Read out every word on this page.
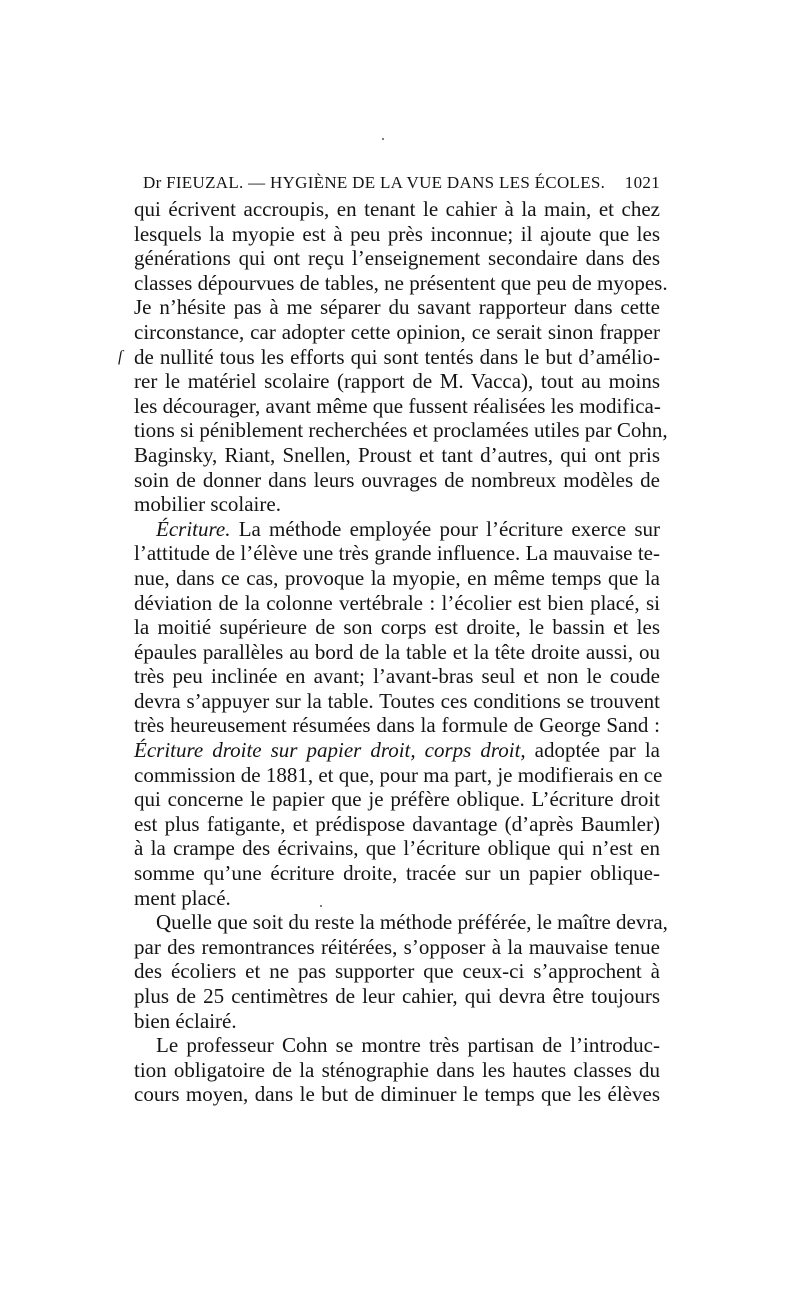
Dr FIEUZAL. — HYGIÈNE DE LA VUE DANS LES ÉCOLES. 1021
ſ
qui écrivent accroupis, en tenant le cahier à la main, et chez
lesquels la myopie est à peu près inconnue; il ajoute que les
générations qui ont reçu l’enseignement secondaire dans des
classes dépourvues de tables, ne présentent que peu de myopes.
Je n’hésite pas à me séparer du savant rapporteur dans cette
circonstance, car adopter cette opinion, ce serait sinon frapper
de nullité tous les efforts qui sont tentés dans le but d’amélio-
rer le matériel scolaire (rapport de M. Vacca), tout au moins
les décourager, avant même que fussent réalisées les modifica-
tions si péniblement recherchées et proclamées utiles par Cohn,
Baginsky, Riant, Snellen, Proust et tant d’autres, qui ont pris
soin de donner dans leurs ouvrages de nombreux modèles de
mobilier scolaire.
Écriture. La méthode employée pour l’écriture exerce sur
l’attitude de l’élève une très grande influence. La mauvaise te-
nue, dans ce cas, provoque la myopie, en même temps que la
déviation de la colonne vertébrale : l’écolier est bien placé, si
la moitié supérieure de son corps est droite, le bassin et les
épaules parallèles au bord de la table et la tête droite aussi, ou
très peu inclinée en avant; l’avant-bras seul et non le coude
devra s’appuyer sur la table. Toutes ces conditions se trouvent
très heureusement résumées dans la formule de George Sand :
Écriture droite sur papier droit, corps droit, adoptée par la
commission de 1881, et que, pour ma part, je modifierais en ce
qui concerne le papier que je préfère oblique. L’écriture droit
est plus fatigante, et prédispose davantage (d’après Baumler)
à la crampe des écrivains, que l’écriture oblique qui n’est en
somme qu’une écriture droite, tracée sur un papier oblique-
ment placé.
Quelle que soit du reste la méthode préférée, le maître devra,
par des remontrances réitérées, s’opposer à la mauvaise tenue
des écoliers et ne pas supporter que ceux-ci s’approchent à
plus de 25 centimètres de leur cahier, qui devra être toujours
bien éclairé.
Le professeur Cohn se montre très partisan de l’introduc-
tion obligatoire de la sténographie dans les hautes classes du
cours moyen, dans le but de diminuer le temps que les élèves
